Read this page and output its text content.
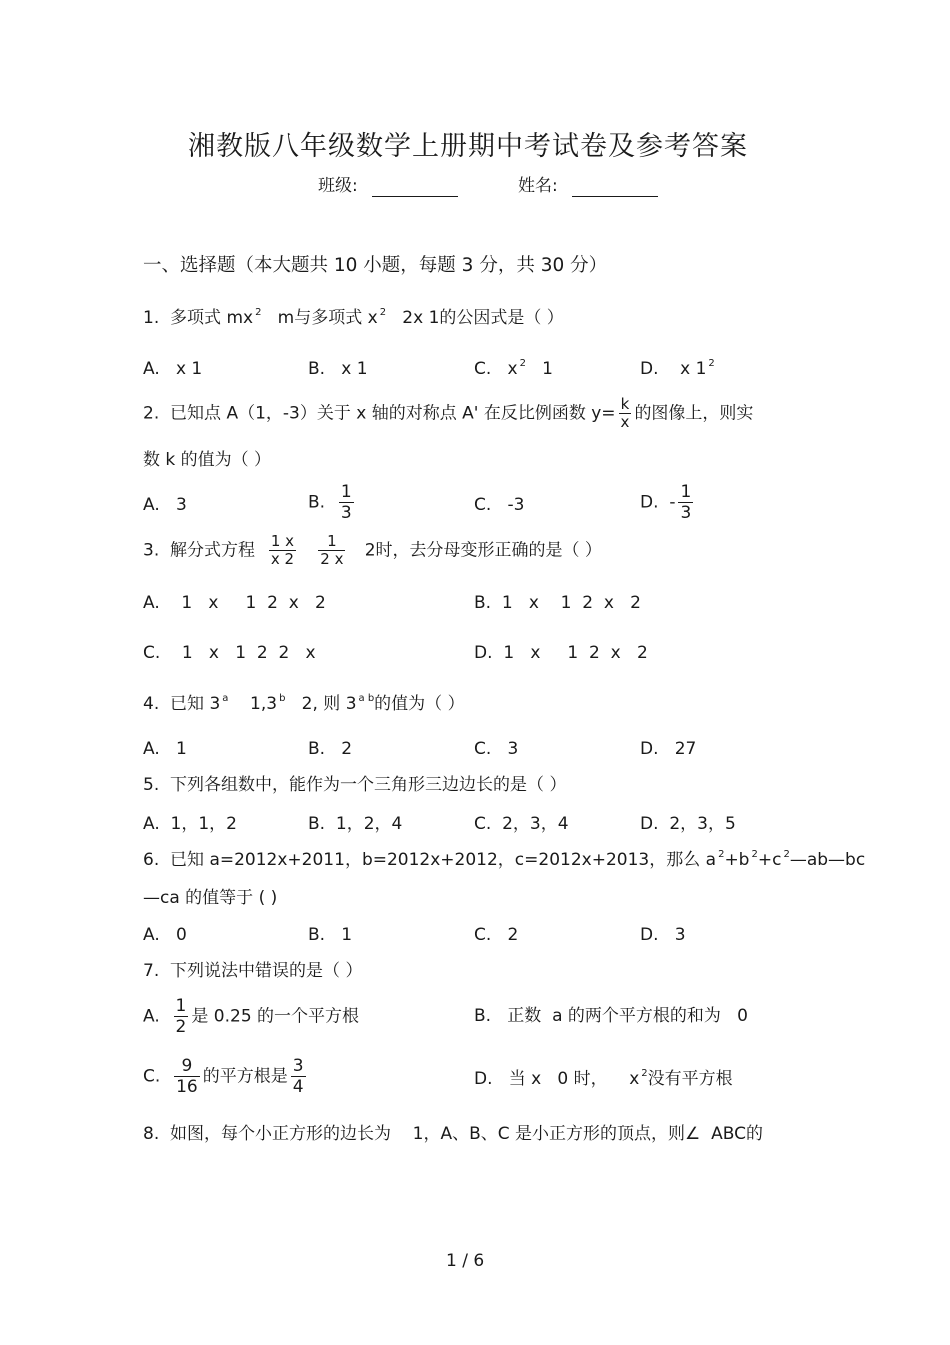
湘教版八年级数学上册期中考试卷及参考答案
班级:	姓名:
一、选择题（本大题共 10 小题，每题 3 分，共 30 分）
1. 多项式 mx $^2$ m与多项式 x $^2$ 2x 1的公因式是（ ）
A. x 1	B. x 1	C. x $^2$ 1	D. x 1 $^2$
2. 已知点 A（1，-3）关于 x 轴的对称点 A' 在反比例函数 $y= \frac{k}{x}$ 的图像上，则实
数 k 的值为（ ）
A. 3	B. $\frac{1}{3}$	C. -3	D. - $\frac{1}{3}$
3. 解分式方程 $\frac{1 x}{x 2}$
$\frac{1}{2 x} 2$时，去分母变形正确的是（ ）
A. 1   x     1  2  x   2	B. 1   x    1  2  x   2
C. 1   x   1  2  2   x	D. 1   x     1  2  x   2
4. 已知 3 $^a$ 1,3 $^b$ 2, 则 3 $^{a b}$的值为（ ）
A. 1	B. 2	C. 3	D. 27
5. 下列各组数中，能作为一个三角形三边边长的是（ ）
A. 1，1，2	B. 1，2，4	C. 2，3，4	D. 2，3，5
6. 已知 a=2012x+2011，b=2012x+2012，c=2012x+2013，那么 a $^2$+b $^2$+c $^2$—ab—bc
—ca 的值等于 ( )
A. 0	B. 1	C. 2	D. 3
7. 下列说法中错误的是（ ）
A. $\frac{1}{2}$ 是 0.25 的一个平方根	B. 正数  a 的两个平方根的和为   0
C. $\frac{9}{16}$ 的平方根是 $\frac{3}{4}$	D. 当 x   0 时，    x $^2$没有平方根
8. 如图，每个小正方形的边长为    1，A、B、C 是小正方形的顶点，则∠  ABC的
1 / 6
